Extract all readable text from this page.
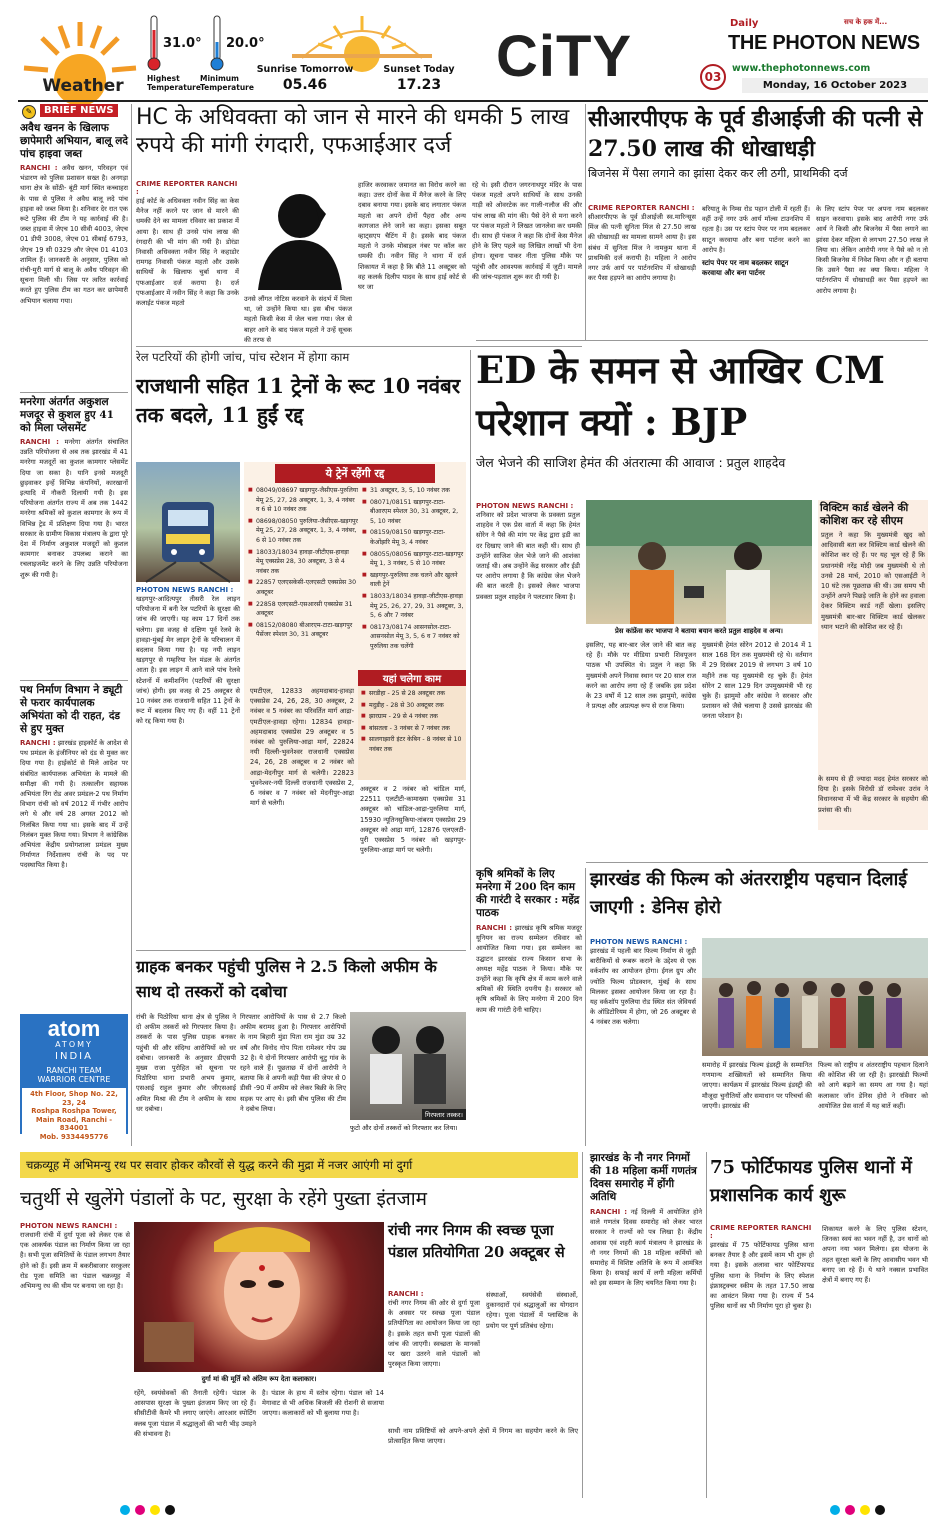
Weather
31.0°
Highest
Temperature
20.0°
Minimum
Temperature
Sunrise Tomorrow
05.46
Sunset Today
17.23 CiTY
Daily	सच के हक में...
THE PHOTON NEWS
03
www.thephotonnews.com
Monday, 16 October 2023
✎	BRIEF NEWS
अवैध खनन के खिलाफ छापेमारी अभियान, बालू लदे पांच हाइवा जब्त
RANCHI : अवैध खनन, परिवहन एवं भंडारण को पुलिस प्रशासन सख्त है। अनगड़ा थाना क्षेत्र के सोंठी- बूंटी मार्ग स्थित कच्चाहरा के पास से पुलिस ने अवैध बालू लदे पांच हाइवा को जब्त किया है। शनिवार देर रात एक रूटे पुलिस की टीम ने यह कार्रवाई की है। जब्त हाइवा में जेएच 10 सीवी 4003, जेएच 01 डीपी 3008, जेएच 01 सीबाई 6793, जेएच 19 सी 0329 और जेएच 01 4103 शामिल हैं। जानकारी के अनुसार, पुलिस को रांची-मुरी मार्ग से बालू के अवैध परिवहन की सूचना मिली थी। जिस पर त्वरित कार्रवाई करते हुए पुलिस टीम का गठन कर छापेमारी अभियान चलाया गया।
मनरेगा अंतर्गत अकुशल मजदूर से कुशल हुए 41 को मिला प्लेसमेंट
RANCHI : मनरेगा अंतर्गत संचालित उन्नति परियोजना से अब तक झारखंड में 41 मनरेगा मजदूरों का कुशल कामगार प्लेसमेंट दिया जा सका है। यानि इनसे मजदूरी छुड़वाकर इन्हें विभिन्न कंपनियों, कारखानों इत्यादि में नौकरी दिलायी गयी है। इस परियोजना अंतर्गत राज्य में अब तक 1442 मनरेगा श्रमिकों को कुशल कामगार के रूप में विभिन्न ट्रेड में प्रशिक्षण दिया गया है। भारत सरकार के ग्रामीण विकास मंत्रालय के द्वारा पूरे देश में निर्माण अकुशल मजदूरों को कुशल कामगार बनाकर उपलब्ध कराने का रचलाइजमेंट करने के लिए उन्नति परियोजना शुरू की गयी है।
पथ निर्माण विभाग ने ड्यूटी से फरार कार्यपालक अभियंता को दी राहत, दंड से हुए मुक्त
RANCHI : झारखंड हाइकोर्ट के आदेश से पथ प्रमंडल के इंजीनियर को दंड से मुक्त कर दिया गया है। हाईकोर्ट से मिले आदेश पर संबंधित कार्यपालक अभियंता के मामले की समीक्षा की गयी है। तत्कालीन सहायक अभियंता रिंग रोड अवर प्रमंडल-2 पथ निर्माण विभाग रांची को वर्ष 2012 में गंभीर आरोप लगे थे और वर्ष 28 अगस्त 2012 को निलंबित किया गया था। इसके बाद में उन्हें निलंबन मुक्त किया गया। विभाग ने कांग्रेसिक अभियंता केंद्रीय प्रयोगशाला प्रमंडल मुख्य निर्माणत निर्देशालय रांची के पद पर पदस्थापित किया है।
atom
ATOMY
INDIA
RANCHI TEAM
WARRIOR CENTRE
4th Floor, Shop No. 22, 23, 24
Roshpa Roshpa Tower,
Main Road, Ranchi - 834001
Mob. 9334495776
HC के अधिवक्ता को जान से मारने की धमकी 5 लाख रुपये की मांगी रंगदारी, एफआईआर दर्ज
CRIME REPORTER RANCHI :
हाई कोर्ट के अधिवक्ता नवीन सिंह का केस मैनेज नहीं करने पर जान से मारने की धमकी देने का मामला रविवार का प्रकाश में आया है। साथ ही उनसे पांच लाख की रंगदारी की भी मांग की गयी है। डोरंडा निवासी अधिवक्ता नवीन सिंह ने कहाडोर रामगढ़ निवासी पंकज महतो और उसके साथियों के खिलाफ चुर्बा थाना में एफआईआर दर्ज कराया है। दर्ज एफआईआर में नवीन सिंह ने कहा कि उनके कलाईट पंकज महतो
उनसे लौंगत नोटिस करवाने के संदर्भ में मिला था, जो उन्होंने किया था। इस बीच पंकज महतो किसी केस में जेल चला गया। जेल से बाहर आने के बाद पंकज महतो ने उन्हें सूचक की तरफ से
हाजिर करवाकर जमानत का विरोध करने का कहा। उत्तर दोनों केस में मैनेज करने के लिए दबाव बनाया गया। इसके बाद लगातार पंकज महतो का अपने दोनों पैहरा और अन्य कागजात लेने जाने का कहा। इसका सबूत व्हाट्सएप चैटिंग में है। इसके बाद पंकज महतो ने उनके मोबाइल नंबर पर कॉल कर धमकी दी। नवीन सिंह ने थाना में दर्ज शिकायत में कहा है कि बीते 11 अक्टूबर को वह कलर्क दिलीप यादव के साथ हाई कोर्ट से घर जा
रहे थे। इसी दौरान जगरनाथपुर मंदिर के पास पंकज महतो अपने साथियों के साथ उनकी गाड़ी को ओवरटेक कर गाली-गलौज की और पांच लाख की मांग की। पैसे देने से मना करने पर पंकज महतो ने लिखत जानलेवा कर धमकी दी। साथ ही पंकज ने कहा कि दोनों केस मैनेज होने के लिए पहले वह लिखित लाखों भी देना होगा। सूचना पाकर नीता पुलिस मौके पर पहुंची और आवश्यक कार्रवाई में जुटी। मामले की जांच-पड़ताल शुरू कर दी गयी है।
रेल पटरियों की होगी जांच, पांच स्टेशन में होगा काम
राजधानी सहित 11 ट्रेनों के रूट 10 नवंबर तक बदले, 11 हुईं रद्द
ये ट्रेनें रहेंगी रद्द
■ 08049/08697 खड़गपुर-जैसीएस-पुरुलिया मेमू 25, 27, 28 अक्टूबर, 1, 3, 4 नवंबर व 6 से 10 नवंबर तक
■ 08698/08050 पुरुलिया-जैसीएस-खड़गपुर मेमू 25, 27, 28 अक्टूबर, 1, 3, 4 नवंबर, 6 से 10 नवंबर तक
■ 18033/18034 हावड़ा-जीटीएस-हावड़ा मेमू एक्सप्रेस 28, 30 अक्टूबर, 3 से 4 नवंबर तक
■ 22857 एलएसकेसी-एलएसटी एक्सप्रेस 30 अक्टूबर
■ 22858 एलएसटी-एसआरसी एक्सप्रेस 31 अक्टूबर
■ 08152/08080 बीआरएम-टाटा-खड़गपुर पैसेंजर स्पेशल 30, 31 अक्टूबर
■ 31 अक्टूबर, 3, 5, 10 नवंबर तक
■ 08071/08151 खड़गपुर-टाटा-बीआरएम स्पेशल 30, 31 अक्टूबर, 2, 5, 10 नवंबर
■ 08159/08150 खड़गपुर-टाटा-केओंझरि मेमू 3, 4 नवंबर
■ 08055/08056 खड़गपुर-टाटा-खड़गपुर मेमू 1, 3 नवंबर, 5 से 10 नवंबर
■ खड़गपुर-पुरुलिया तक चलने और खुलने वाली ट्रेनें
■ 18033/18034 हावड़ा-जीटीएस-हावड़ा मेमू 25, 26, 27, 29, 31 अक्टूबर, 3, 5, 6 और 7 नवंबर
■ 08173/08174 आसनसोल-टाटा-आसनसोल मेमू 3, 5, 6 व 7 नवंबर को पुरुलिया तक चलेंगी
यहां चलेगा काम
■ सरडीहा - 25 से 28 अक्टूबर तक
■ मदुडीह - 28 से 30 अक्टूबर तक
■ झारग्राम - 29 से 4 नवंबर तक
■ बांसतला - 3 नवंबर से 7 नवंबर तक
■ सालगाझारी इंटर केबिन - 8 नवंबर से 10 नवंबर तक
PHOTON NEWS RANCHI :
खड़गपुर-आदित्यपुर तीसरी रेल लाइन परियोजना में बनी रेल पटरियों के सुरक्षा की जांच की जाएगी। यह काम 17 दिनों तक चलेगा। इस वजह से दक्षिण पूर्व रेलवे के हावड़ा-मुंबई मेन लाइन ट्रेनों के परिचालन में बदलाव किया गया है। यह नयी लाइन खड़गपुर से गम्हरिया रेल मंडल के अंतर्गत आता है। इस लाइन में आने वाले पांच रेलवे स्टेशनों में कमीशनिंग (पटरियों की सुरक्षा जांच) होगी। इस वजह से 25 अक्टूबर से 10 नवंबर तक राजधानी सहित 11 ट्रेनों के रूट में बदलाव किए गए हैं। वहीं 11 ट्रेनों को रद्द किया गया है।
एमटीएल, 12833 अहमदाबाद-हावड़ा एक्सप्रेस 24, 26, 28, 30 अक्टूबर, 2 नवंबर व 5 नवंबर का परिवर्तित मार्ग आद्रा-एमटीएल-हावड़ा रहेगा। 12834 हावड़ा-अहमदाबाद एक्सप्रेस 29 अक्टूबर व 5 नवंबर को पुरुलिया-आद्रा मार्ग, 22824 नयी दिल्ली-भुवनेश्वर राजधानी एक्सप्रेस 24, 26, 28 अक्टूबर व 2 नवंबर को आद्रा-मेदनीपुर मार्ग से चलेगी। 22823 भुवनेश्वर-नयी दिल्ली राजधानी एक्सप्रेस 2, 6 नवंबर व 7 नवंबर को मेदनीपुर-आद्रा मार्ग से चलेगी।
अक्टूबर व 2 नवंबर को चांडिल मार्ग, 22511 एलटीटी-कामाख्या एक्सप्रेस 31 अक्टूबर को चांडिल-आद्रा-पुरुलिया मार्ग, 15930 न्यूतिनसुकिया-तांबरम एक्सप्रेस 29 अक्टूबर को आद्रा मार्ग, 12876 एलएलटी-पुरी एक्सप्रेस 5 नवंबर को खड़गपुर-पुरुलिया-आद्रा मार्ग पर चलेगी।
ग्राहक बनकर पहुंची पुलिस ने 2.5 किलो अफीम के साथ दो तस्करों को दबोचा
रांची के पिठोरिया थाना क्षेत्र से पुलिस ने दो अफीम तस्करों को गिरफ्तार किया है। तस्करों के पास पुलिस ग्राहक बनकर पहुंची थी और संदिग्ध आरोपियों को धर दबोचा। जानकारी के अनुसार डीएसपी मुख्य राजा पुरोहित को सूचना पर पिठोरिया थाना प्रभारी अभय कुमार, एसआई राहुल कुमार और जीएसआई अमित मिश्रा की टीम ने अफीम के साथ धर दबोचा।
गिरफ्तार आरोपियों के पास से 2.7 किलो अफीम बरामद हुआ है। गिरफ्तार आरोपियों के नाम बिहारी मुंडा पिता राम मुंडा उम्र 32 वर्ष और विनोद गोप पिता रामेश्वर गोप उम्र 32 है। ये दोनों गिरफ्तार आरोपी चुटु गांव के रहने वाले हैं। पूछताछ में दोनों आरोपी ने बताया कि वे अपनी कड़ी पैसा की जेपर से 0 डीसी -90 में अफीम को लेकर बिक्री के लिए सड़क पर आए थे। इसी बीच पुलिस की टीम ने दबोच लिया।
गिरफ्तार तस्कर।
फुटो और दोनों तस्करों को गिरफ्तार कर लिया।
सीआरपीएफ के पूर्व डीआईजी की पत्नी से 27.50 लाख की धोखाधड़ी
बिजनेस में पैसा लगाने का झांसा देकर कर ली ठगी, प्राथमिकी दर्ज
CRIME REPORTER RANCHI :
सीआरपीएफ के पूर्व डीआईजी स्व.मारिन्सूस मिंज की पत्नी सुनिता मिंज से 27.50 लाख की धोखाधड़ी का मामला सामने आया है। इस संबंध में सुनिता मिंज ने नामकुम थाना में प्राथमिकी दर्ज करायी है। महिला ने आरोप नगर उर्फ आर्य पर पार्टनरशिप में धोखाधड़ी कर पैसा हड़पने का आरोप लगाया है।
बरियातु के निम्स रोड पहान टोली में रहती हैं। वहीं उन्हें नगर उर्फ आर्य मॉल्स टाउनशिप में रहता है। उस पर स्टांप पेपर पर नाम बदलकर साटून करवाया और बना पार्टनर करने का आरोप है।
स्टांप पेपर पर नाम बदलकर साटून करवाया और बना पार्टनर
के लिए स्टांप पेपर पर अपना नाम बदलकर साइन करवाया। इसके बाद आरोपी नगर उर्फ आर्य ने किसी और बिजनेस में पैसा लगाने का झांसा देकर महिला से लगभग 27.50 लाख ले लिया था। लेकिन आरोपी नगर ने पैसे को न तो किसी बिजनेस में निवेश किया और न ही बताया कि उसने पैसा का क्या किया। महिला ने पार्टनरशिप में धोखाधड़ी कर पैसा हड़पने का आरोप लगाया है।
ED के समन से आखिर CM परेशान क्यों : BJP
जेल भेजने की साजिश हेमंत की अंतरात्मा की आवाज : प्रतुल शाहदेव
PHOTON NEWS RANCHI :
शनिवार को प्रदेश भाजपा के प्रवक्ता प्रतुल शाहदेव ने एक प्रेस वार्ता में कहा कि हेमंत सोरेन ने पैसे की मांग पर केंद्र द्वारा इडी का दर दिखाए जाने की बात कही थी। साथ ही उन्होंने साजिश जेल भेजे जाने की आशंका जताई थी। अब उन्होंने केंद्र सरकार और ईडी पर आरोप लगाया है कि कांग्रेस जेल भेजने की बात करती है। इसको लेकर भाजपा प्रवक्ता प्रतुल शाहदेव ने पलटवार किया है।
प्रेस कांफ्रेंस कर भाजपा ने बताया बयान करते प्रतुल शाहदेव व अन्य।
इसलिए, यह बार-बार जेल जाने की बात कह रहे हैं। मौके पर मीडिया प्रभारी शिवपूजन पाठक भी उपस्थित थे। प्रतुल ने कहा कि मुख्यमंत्री अपने निवास स्थान पर 20 साल राज करने का आरोप लगा रहे हैं जबकि इस प्रदेश के 23 वर्षों में 12 साल तक झामुमो, कांग्रेस ने प्रत्यक्ष और अप्रत्यक्ष रूप से राज किया।
मुख्यमंत्री हेमंत सोरेन 2012 से 2014 में 1 साल 168 दिन तक मुख्यमंत्री रहे थे। वर्तमान में 29 दिसंबर 2019 से लगभग 3 वर्ष 10 महीने तक यह मुख्यमंत्री रह चुके हैं। हेमंत सोरेन 2 साल 129 दिन उपमुख्यमंत्री भी रह चुके हैं। झामुमो और कांग्रेस ने सरकार और प्रशासन को जैसे चलाया है उससे झारखंड की जनता परेशान है।
विक्टिम कार्ड खेलने की कोशिश कर रहे सीएम
प्रतुल ने कहा कि मुख्यमंत्री खुद को आदिवासी बता कर विक्टिम कार्ड खेलने की कोशिश कर रहे हैं। पर यह भूल रहे हैं कि प्रधानमंत्री नरेंद्र मोदी जब मुख्यमंत्री थे तो उनसे 28 मार्च, 2010 को एसआईटी ने 10 घंटे तक पूछताछ की थी। उस समय भी उन्होंने अपने पिछड़े जाति के होने का हवाला देकर विक्टिम कार्ड नहीं खेला। इसलिए मुख्यमंत्री बार-बार विक्टिम कार्ड खेलकर ध्यान भटाने की कोशिश कर रहे हैं।
के समय से ही ज्यादा मदद हेमंत सरकार को दिया है। इसके विरोधी डॉ रामेश्वर उरांव ने विधानसभा में भी केंद्र सरकार के सहयोग की प्रशंसा की थी।
कृषि श्रमिकों के लिए मनरेगा में 200 दिन काम की गारंटी दे सरकार : महेंद्र पाठक
RANCHI : झारखंड कृषि श्रमिक मजदूर यूनियन का राज्य सम्मेलन रविवार को आयोजित किया गया। इस सम्मेलन का उद्घाटन झारखंड राज्य किसान सभा के अध्यक्ष महेंद्र पाठक ने किया। मौके पर उन्होंने कहा कि कृषि क्षेत्र में काम करने वाले श्रमिकों की स्थिति दयनीय है। सरकार को कृषि श्रमिकों के लिए मनरेगा में 200 दिन काम की गारंटी देनी चाहिए।
झारखंड की फिल्म को अंतरराष्ट्रीय पहचान दिलाई जाएगी : डेनिस होरो
PHOTON NEWS RANCHI :
झारखंड में पहली बार फिल्म निर्माण से जुड़ी बारीकियों से रूबरू कराने के उद्देश्य से एक वर्कशॉप का आयोजन होगा। ईगल ग्रुप और ज्योति फिल्म प्रोडक्शन, मुंबई के साथ मिलकर इसका आयोजन किया जा रहा है। यह वर्कशॉप पुरुलिया रोड स्थित संत जेवियर्स के ऑडिटोरियम में होगा, जो 26 अक्टूबर से 4 नवंबर तक चलेगा।
समारोह में झारखंड फिल्म इंडस्ट्री के सम्मानित गणमान्य शख्सियतों को सम्मानित किया जाएगा। कार्यक्रम में झारखंड फिल्म इंडस्ट्री की मौजूदा चुनौतियों और समाधान पर परिचर्चा की जाएगी। झारखंड की
फिल्म को राष्ट्रीय व अंतरराष्ट्रीय पहचान दिलाने की कोशिश की जा रही है। झारखंडी फिल्मों को आगे बढ़ाने का समय आ गया है। यहां कलाकार जॉन डेनिस होरो ने रविवार को आयोजित प्रेस वार्ता में यह बातें कहीं।
चक्रव्यूह में अभिमन्यु रथ पर सवार होकर कौरवों से युद्ध करने की मुद्रा में नजर आएंगी मां दुर्गा
चतुर्थी से खुलेंगे पंडालों के पट, सुरक्षा के रहेंगे पुख्ता इंतजाम
PHOTON NEWS RANCHI :
राजधानी रांची में दुर्गा पूजा को लेकर एक से एक आकर्षक पंडाल का निर्माण किया जा रहा है। सभी पूजा समितियों के पंडाल लगभग तैयार होने को हैं। इसी क्रम में बकरीबाजार सरकुलर रोड पूजा समिति का पंडाल चक्रव्यूह में अभिमन्यु रथ की थीम पर बनाया जा रहा है।
दुर्गा मां की मूर्ति को अंतिम रूप देता कलाकार।
रहेंगे, स्वयंसेवकों की तैनाती रहेगी। पंडाल के आसपास सुरक्षा के पुख्ता इंतजाम किए जा रहे हैं। सीसीटीवी कैमरे भी लगाए जाएंगे। आरआर स्पोर्टिंग क्लब पूजा पंडाल में श्रद्धालुओं की भारी भीड़ उमड़ने की संभावना है।
है। पंडाल के हाथ में स्तोत्र रहेगा। पंडाल को 14 मेगावाट से भी अधिक बिजली की रोशनी से सजाया जाएगा। कलाकारों को भी बुलाया गया है।
रांची नगर निगम की स्वच्छ पूजा पंडाल प्रतियोगिता 20 अक्टूबर से
RANCHI :
रांची नगर निगम की ओर से दुर्गा पूजा के अवसर पर स्वच्छ पूजा पंडाल प्रतियोगिता का आयोजन किया जा रहा है। इसके तहत सभी पूजा पंडालों की जांच की जाएगी। स्वच्छता के मानकों पर खरा उतरने वाले पंडालों को पुरस्कृत किया जाएगा।
संस्थाओं, स्वयंसेवी संस्थाओं, दुकानदारों एवं श्रद्धालुओं का योगदान रहेगा। पूजा पंडालों में प्लास्टिक के प्रयोग पर पूर्ण प्रतिबंध रहेगा।
साथी नाम प्रविष्टियों को अपने-अपने क्षेत्रों में निगम का सहयोग करने के लिए प्रोत्साहित किया जाएगा।
झारखंड के नौ नगर निगमों की 18 महिला कर्मी गणतंत्र दिवस समारोह में होंगी अतिथि
RANCHI : नई दिल्ली में आयोजित होने वाले गणतंत्र दिवस समारोह को लेकर भारत सरकार ने राज्यों को पत्र लिखा है। केंद्रीय आवास एवं शहरी कार्य मंत्रालय ने झारखंड के नौ नगर निगमों की 18 महिला कर्मियों को समारोह में विशिष्ट अतिथि के रूप में आमंत्रित किया है। सफाई कार्य में लगी महिला कर्मियों को इस सम्मान के लिए चयनित किया गया है।
75 फोर्टिफायड पुलिस थानों में प्रशासनिक कार्य शुरू
CRIME REPORTER RANCHI :
झारखंड में 75 फोर्टिफायड पुलिस थाना बनकर तैयार है और इसमें काम भी शुरू हो गया है। इसके अलावा चार फोर्टिफायड पुलिस थाना के निर्माण के लिए स्पेशल इंफ्रास्ट्रक्चर स्कीम के तहत 17.50 लाख का आवंटन किया गया है। राज्य में 54 पुलिस थानों का भी निर्माण पूरा हो चुका है।
शिकायत करने के लिए पुलिस स्टेशन, जिनका स्वयं का भवन नहीं है, उन थानों को अपना नया भवन मिलेगा। इस योजना के तहत सुरक्षा बलों के लिए आवासीय भवन भी बनाए जा रहे हैं। ये थाने नक्सल प्रभावित क्षेत्रों में बनाए गए हैं।
